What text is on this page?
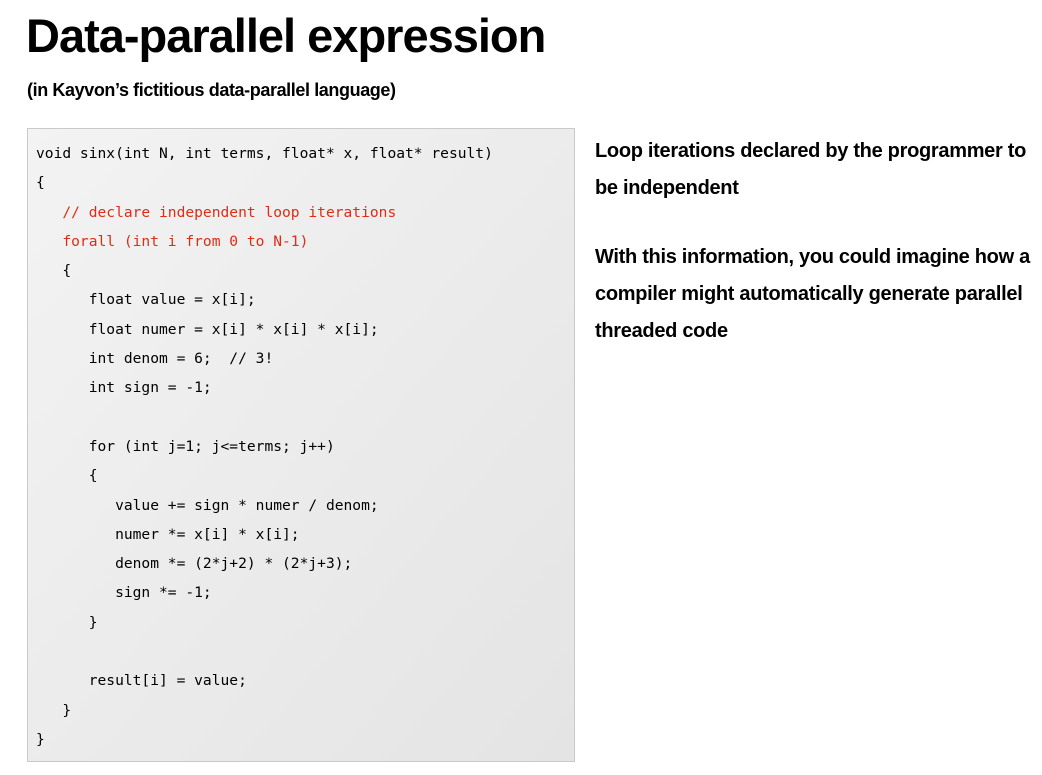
Data-parallel expression
(in Kayvon’s fictitious data-parallel language)
void sinx(int N, int terms, float* x, float* result)
{
// declare independent loop iterations
forall (int i from 0 to N-1)
{
float value = x[i];
float numer = x[i] * x[i] * x[i];
int denom = 6;  // 3!
int sign = -1;

for (int j=1; j<=terms; j++)
{
value += sign * numer / denom;
numer *= x[i] * x[i];
denom *= (2*j+2) * (2*j+3);
sign *= -1;
}

result[i] = value;
}
}

Loop iterations declared by the programmer to be independent

With this information, you could imagine how a compiler might automatically generate parallel threaded code
